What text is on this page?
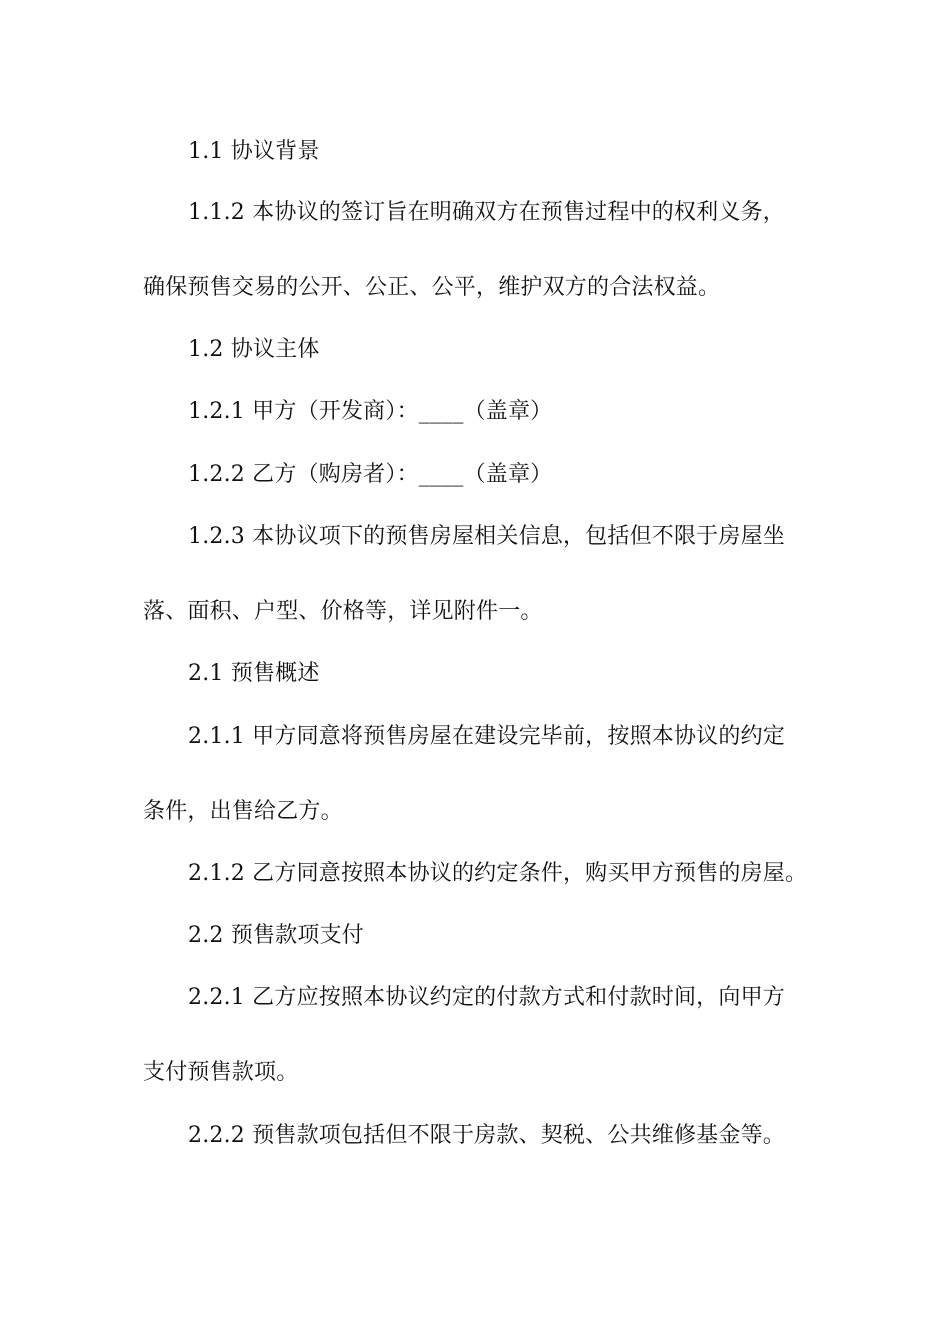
1.1 协议背景
1.1.2 本协议的签订旨在明确双方在预售过程中的权利义务，
确保预售交易的公开、公正、公平，维护双方的合法权益。
1.2 协议主体
1.2.1 甲方（开发商）：____（盖章）
1.2.2 乙方（购房者）：____（盖章）
1.2.3 本协议项下的预售房屋相关信息，包括但不限于房屋坐
落、面积、户型、价格等，详见附件一。
2.1 预售概述
2.1.1 甲方同意将预售房屋在建设完毕前，按照本协议的约定
条件，出售给乙方。
2.1.2 乙方同意按照本协议的约定条件，购买甲方预售的房屋。
2.2 预售款项支付
2.2.1 乙方应按照本协议约定的付款方式和付款时间，向甲方
支付预售款项。
2.2.2 预售款项包括但不限于房款、契税、公共维修基金等。
